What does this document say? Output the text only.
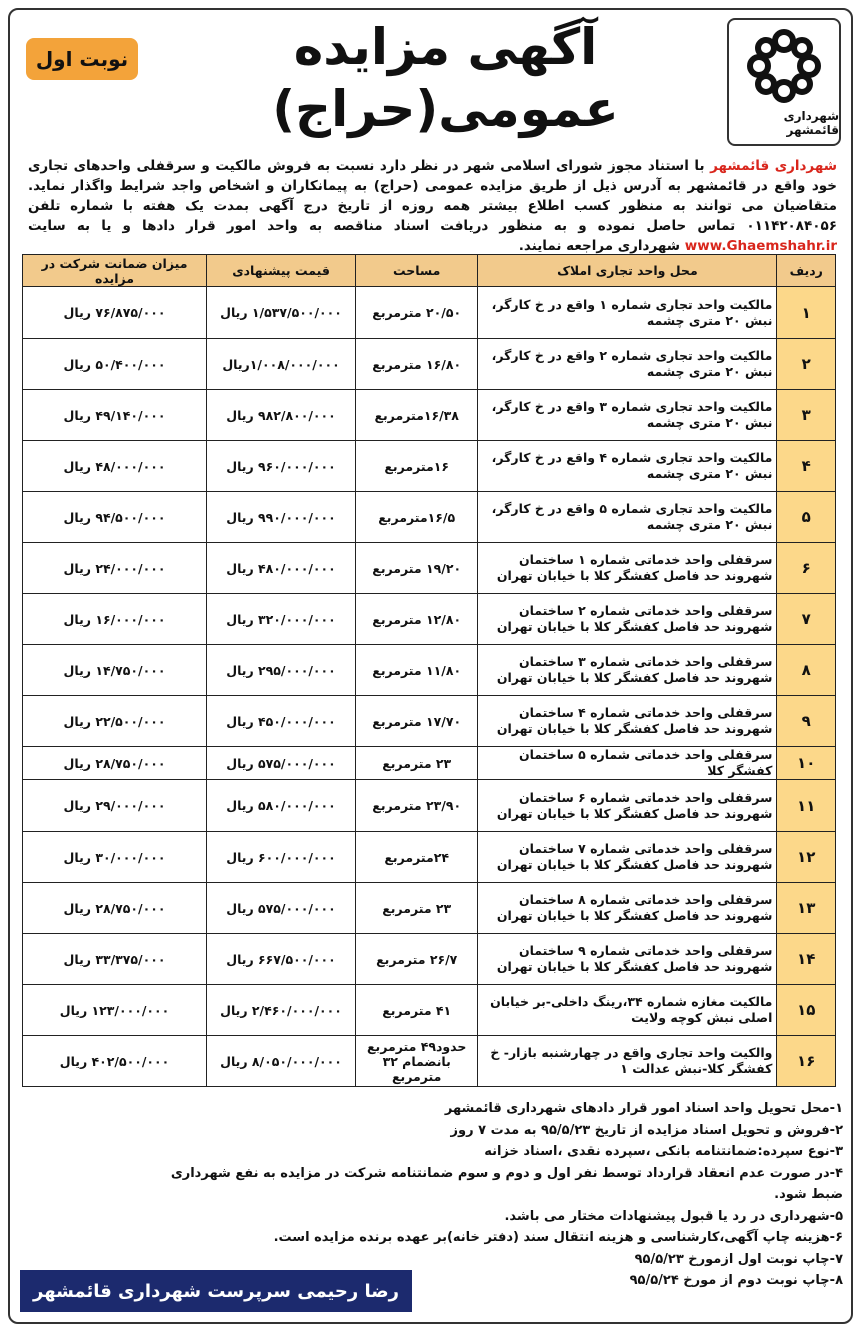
نوبت اول	آگهی مزایده
عمومی(حراج)	شهرداری قائمشهر
شهرداری قائمشهر با استناد مجوز شورای اسلامی شهر در نظر دارد نسبت به فروش مالکیت و سرقفلی واحدهای تجاری خود واقع در قائمشهر به آدرس ذیل از طریق مزایده عمومی (حراج) به پیمانکاران و اشخاص واجد شرایط واگذار نماید. متقاضیان می توانند به منظور کسب اطلاع بیشتر همه روزه از تاریخ درج آگهی بمدت یک هفته با شماره تلفن ۰۱۱۴۲۰۸۴۰۵۶ تماس حاصل نموده و به منظور دریافت اسناد مناقصه به واحد امور قرار دادها و یا به سایت www.Ghaemshahr.ir شهرداری مراجعه نمایند.
ردیف	محل واحد تجاری املاک	مساحت	قیمت پیشنهادی	میزان ضمانت شرکت در مزایده
۱	مالکیت واحد تجاری شماره ۱ واقع در خ کارگر، نبش ۲۰ متری چشمه	۲۰/۵۰ مترمربع	۱/۵۳۷/۵۰۰/۰۰۰ ریال	۷۶/۸۷۵/۰۰۰ ریال
۲	مالکیت واحد تجاری شماره ۲ واقع در خ کارگر، نبش ۲۰ متری چشمه	۱۶/۸۰ مترمربع	۱/۰۰۸/۰۰۰/۰۰۰ریال	۵۰/۴۰۰/۰۰۰ ریال
۳	مالکیت واحد تجاری شماره ۳ واقع در خ کارگر، نبش ۲۰ متری چشمه	۱۶/۳۸مترمربع	۹۸۲/۸۰۰/۰۰۰ ریال	۴۹/۱۴۰/۰۰۰ ریال
۴	مالکیت واحد تجاری شماره ۴ واقع در خ کارگر، نبش ۲۰ متری چشمه	۱۶مترمربع	۹۶۰/۰۰۰/۰۰۰ ریال	۴۸/۰۰۰/۰۰۰ ریال
۵	مالکیت واحد تجاری شماره ۵ واقع در خ کارگر، نبش ۲۰ متری چشمه	۱۶/۵مترمربع	۹۹۰/۰۰۰/۰۰۰ ریال	۹۴/۵۰۰/۰۰۰ ریال
۶	سرقفلی واحد خدماتی شماره ۱ ساختمان شهروند حد فاصل کفشگر کلا با خیابان تهران	۱۹/۲۰ مترمربع	۴۸۰/۰۰۰/۰۰۰ ریال	۲۴/۰۰۰/۰۰۰ ریال
۷	سرقفلی واحد خدماتی شماره ۲ ساختمان شهروند حد فاصل کفشگر کلا با خیابان تهران	۱۲/۸۰ مترمربع	۳۲۰/۰۰۰/۰۰۰ ریال	۱۶/۰۰۰/۰۰۰ ریال
۸	سرقفلی واحد خدماتی شماره ۳ ساختمان شهروند حد فاصل کفشگر کلا با خیابان تهران	۱۱/۸۰ مترمربع	۲۹۵/۰۰۰/۰۰۰ ریال	۱۴/۷۵۰/۰۰۰ ریال
۹	سرقفلی واحد خدماتی شماره ۴ ساختمان شهروند حد فاصل کفشگر کلا با خیابان تهران	۱۷/۷۰ مترمربع	۴۵۰/۰۰۰/۰۰۰ ریال	۲۲/۵۰۰/۰۰۰ ریال
۱۰	سرقفلی واحد خدماتی شماره ۵ ساختمان کفشگر کلا	۲۳ مترمربع	۵۷۵/۰۰۰/۰۰۰ ریال	۲۸/۷۵۰/۰۰۰ ریال
۱۱	سرقفلی واحد خدماتی شماره ۶ ساختمان شهروند حد فاصل کفشگر کلا با خیابان تهران	۲۳/۹۰ مترمربع	۵۸۰/۰۰۰/۰۰۰ ریال	۲۹/۰۰۰/۰۰۰ ریال
۱۲	سرقفلی واحد خدماتی شماره ۷ ساختمان شهروند حد فاصل کفشگر کلا با خیابان تهران	۲۴مترمربع	۶۰۰/۰۰۰/۰۰۰ ریال	۳۰/۰۰۰/۰۰۰ ریال
۱۳	سرقفلی واحد خدماتی شماره ۸ ساختمان شهروند حد فاصل کفشگر کلا با خیابان تهران	۲۳ مترمربع	۵۷۵/۰۰۰/۰۰۰ ریال	۲۸/۷۵۰/۰۰۰ ریال
۱۴	سرقفلی واحد خدماتی شماره ۹ ساختمان شهروند حد فاصل کفشگر کلا با خیابان تهران	۲۶/۷ مترمربع	۶۶۷/۵۰۰/۰۰۰ ریال	۳۳/۳۷۵/۰۰۰ ریال
۱۵	مالکیت مغازه شماره ۳۴،رینگ داخلی-بر خیابان اصلی نبش کوچه ولایت	۴۱ مترمربع	۲/۴۶۰/۰۰۰/۰۰۰ ریال	۱۲۳/۰۰۰/۰۰۰ ریال
۱۶	والکیت واحد تجاری واقع در چهارشنبه بازار- خ کفشگر کلا-نبش عدالت ۱	حدود۴۹ مترمربع بانضمام ۳۲ مترمربع	۸/۰۵۰/۰۰۰/۰۰۰ ریال	۴۰۲/۵۰۰/۰۰۰ ریال
۱-محل تحویل واحد اسناد امور قرار دادهای شهرداری قائمشهر
۲-فروش و تحویل اسناد مزایده از تاریخ ۹۵/۵/۲۳ به مدت ۷ روز
۳-نوع سپرده:ضمانتنامه بانکی ،سپرده نقدی ،اسناد خزانه
۴-در صورت عدم انعقاد قرارداد توسط نفر اول و دوم و سوم ضمانتنامه شرکت در مزایده به نفع شهرداری ضبط شود.
۵-شهرداری در رد یا قبول پیشنهادات مختار می باشد.
۶-هزینه چاپ آگهی،کارشناسی و هزینه انتقال سند (دفتر خانه)بر عهده برنده مزایده است.
۷-چاپ نوبت اول ازمورخ ۹۵/۵/۲۳
۸-چاپ نوبت دوم از مورخ ۹۵/۵/۲۴
رضا رحیمی سرپرست شهرداری قائمشهر
